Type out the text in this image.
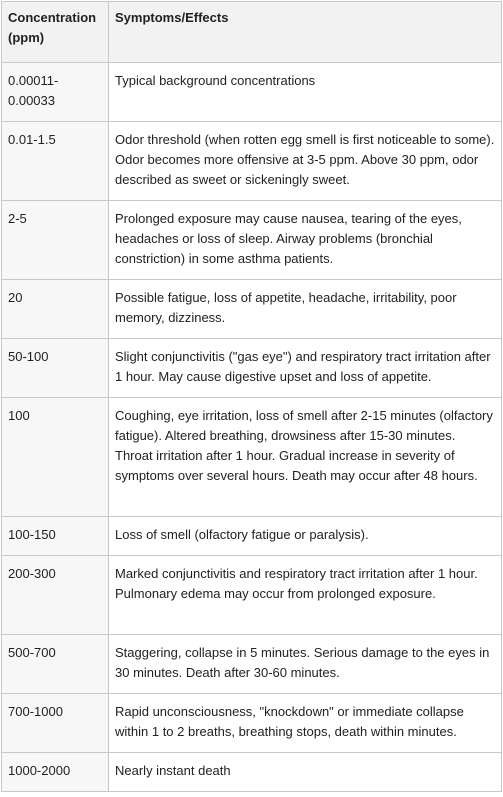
Concentration (ppm)	Symptoms/Effects

0.00011-0.00033	Typical background concentrations

0.01-1.5	Odor threshold (when rotten egg smell is first noticeable to some). Odor becomes more offensive at 3-5 ppm. Above 30 ppm, odor described as sweet or sickeningly sweet.

2-5	Prolonged exposure may cause nausea, tearing of the eyes, headaches or loss of sleep. Airway problems (bronchial constriction) in some asthma patients.

20	Possible fatigue, loss of appetite, headache, irritability, poor memory, dizziness.

50-100	Slight conjunctivitis ("gas eye") and respiratory tract irritation after 1 hour. May cause digestive upset and loss of appetite.

100	Coughing, eye irritation, loss of smell after 2-15 minutes (olfactory fatigue). Altered breathing, drowsiness after 15-30 minutes. Throat irritation after 1 hour. Gradual increase in severity of symptoms over several hours. Death may occur after 48 hours.

100-150	Loss of smell (olfactory fatigue or paralysis).

200-300	Marked conjunctivitis and respiratory tract irritation after 1 hour. Pulmonary edema may occur from prolonged exposure.

500-700	Staggering, collapse in 5 minutes. Serious damage to the eyes in 30 minutes. Death after 30-60 minutes.

700-1000	Rapid unconsciousness, "knockdown" or immediate collapse within 1 to 2 breaths, breathing stops, death within minutes.

1000-2000	Nearly instant death
